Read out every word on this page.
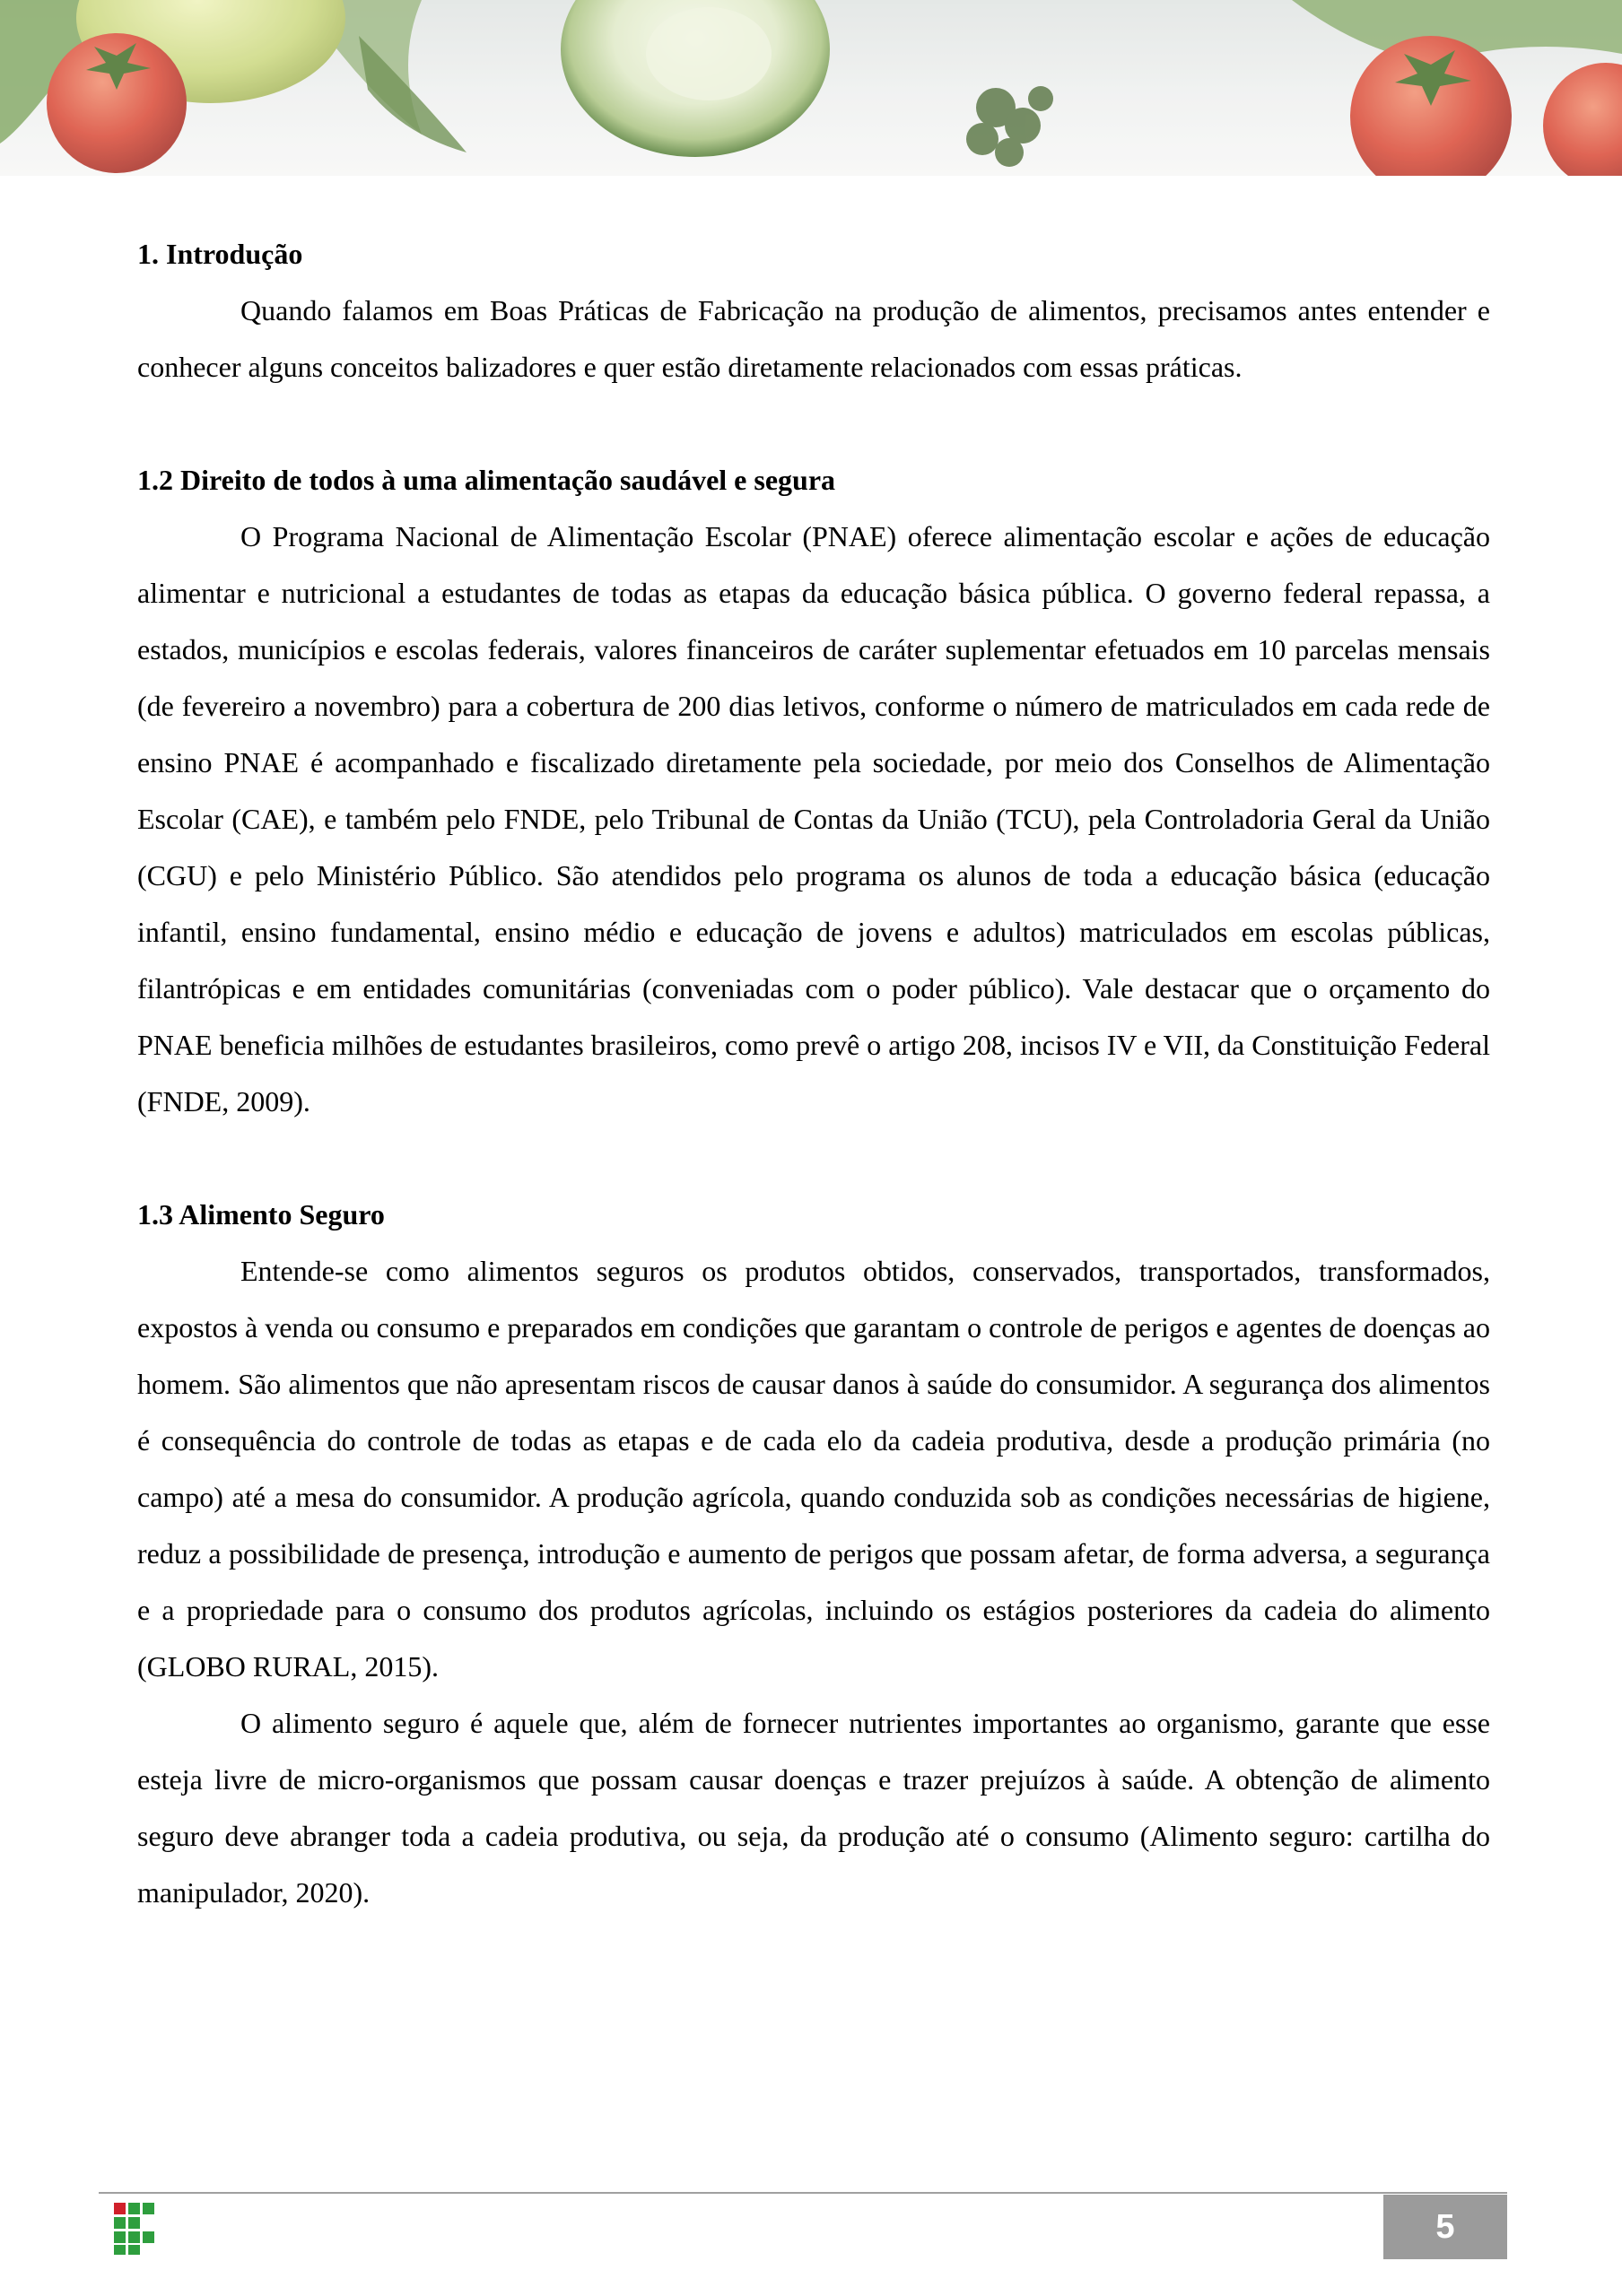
1. Introdução

Quando falamos em Boas Práticas de Fabricação na produção de alimentos, precisamos antes entender e conhecer alguns conceitos balizadores e quer estão diretamente relacionados com essas práticas.

1.2 Direito de todos à uma alimentação saudável e segura

O Programa Nacional de Alimentação Escolar (PNAE) oferece alimentação escolar e ações de educação alimentar e nutricional a estudantes de todas as etapas da educação básica pública. O governo federal repassa, a estados, municípios e escolas federais, valores financeiros de caráter suplementar efetuados em 10 parcelas mensais (de fevereiro a novembro) para a cobertura de 200 dias letivos, conforme o número de matriculados em cada rede de ensino PNAE é acompanhado e fiscalizado diretamente pela sociedade, por meio dos Conselhos de Alimentação Escolar (CAE), e também pelo FNDE, pelo Tribunal de Contas da União (TCU), pela Controladoria Geral da União (CGU) e pelo Ministério Público. São atendidos pelo programa os alunos de toda a educação básica (educação infantil, ensino fundamental, ensino médio e educação de jovens e adultos) matriculados em escolas públicas, filantrópicas e em entidades comunitárias (conveniadas com o poder público). Vale destacar que o orçamento do PNAE beneficia milhões de estudantes brasileiros, como prevê o artigo 208, incisos IV e VII, da Constituição Federal (FNDE, 2009).

1.3 Alimento Seguro

Entende-se como alimentos seguros os produtos obtidos, conservados, transportados, transformados, expostos à venda ou consumo e preparados em condições que garantam o controle de perigos e agentes de doenças ao homem. São alimentos que não apresentam riscos de causar danos à saúde do consumidor. A segurança dos alimentos é consequência do controle de todas as etapas e de cada elo da cadeia produtiva, desde a produção primária (no campo) até a mesa do consumidor. A produção agrícola, quando conduzida sob as condições necessárias de higiene, reduz a possibilidade de presença, introdução e aumento de perigos que possam afetar, de forma adversa, a segurança e a propriedade para o consumo dos produtos agrícolas, incluindo os estágios posteriores da cadeia do alimento (GLOBO RURAL, 2015).

O alimento seguro é aquele que, além de fornecer nutrientes importantes ao organismo, garante que esse esteja livre de micro-organismos que possam causar doenças e trazer prejuízos à saúde. A obtenção de alimento seguro deve abranger toda a cadeia produtiva, ou seja, da produção até o consumo (Alimento seguro: cartilha do manipulador, 2020).

5
